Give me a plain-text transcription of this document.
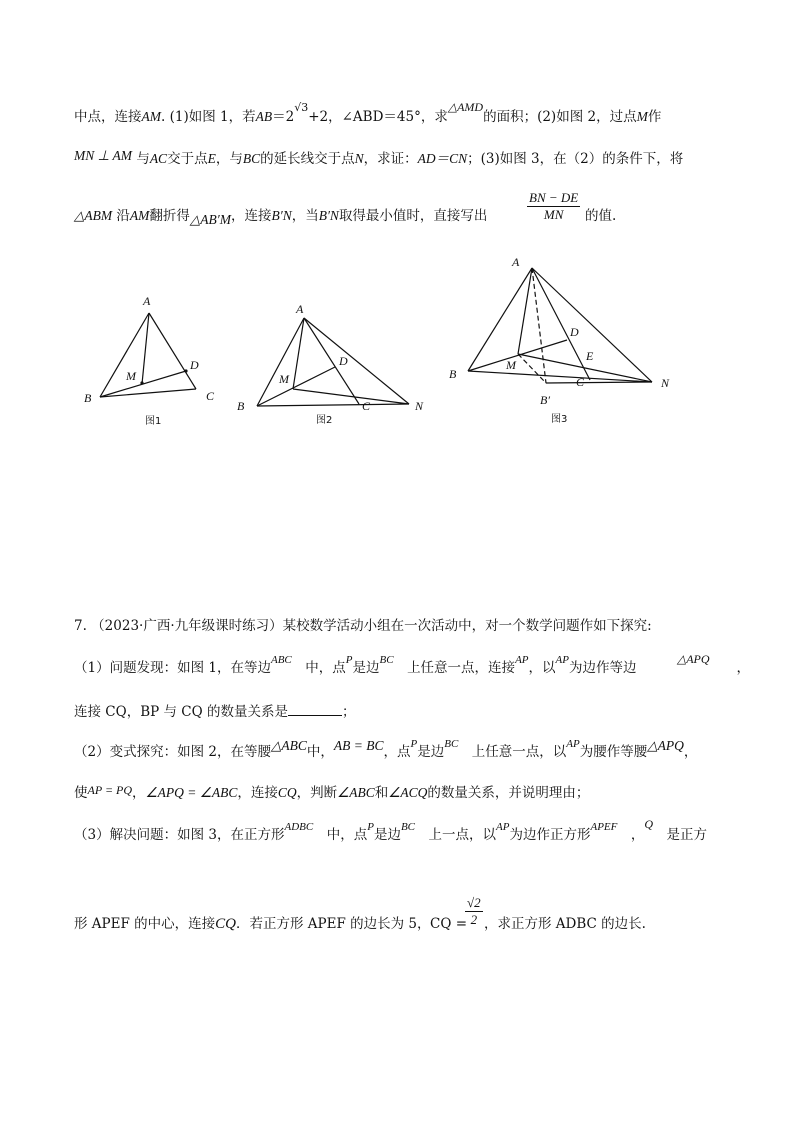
中点，连接AM. (1)如图 1，若$AB=2^{√3}+2$，∠ABD＝45°，求△AMD的面积；(2)如图 2，过点M作
MN ⊥ AM 与AC交于点E，与BC的延长线交于点N，求证：AD＝CN；(3)如图 3，在（2）的条件下，将
△ABM 沿AM翻折得△AB′M，连接B′N，当B′N取得最小值时，直接写出	$\frac{BN - DE}{MN}$ 的值.
A
B	C
D
M
图1
A
B	C
D
M
N
图2
A
B
C
D
E
M
N
B′
图3
7. （2023·广西·九年级课时练习）某校数学活动小组在一次活动中，对一个数学问题作如下探究:
（1）问题发现：如图 1，在等边$^{ABC}$　 中，点$^P$是边$^{BC}$　 上任意一点，连接$^{AP}$，以$^{AP}$为边作等边　　　△APQ　　，
连接 CQ，BP 与 CQ 的数量关系是	；
（2）变式探究：如图 2，在等腰△ABC中，AB = BC，点$^P$是边$^{BC}$　 上任意一点，以$^{AP}$为腰作等腰△APQ，
使AP = PQ，∠APQ = ∠ABC，连接CQ，判断∠ABC和∠ACQ的数量关系，并说明理由；
（3）解决问题：如图 3，在正方形$^{ADBC}$　 中，点$^P$是边$^{BC}$　 上一点，以$^{AP}$为边作正方形$^{APEF}$　 ，Q　是正方
形 APEF 的中心，连接CQ．若正方形 APEF 的边长为 5， CQ =
$\frac{√2}{2}$ ，求正方形 ADBC 的边长.
